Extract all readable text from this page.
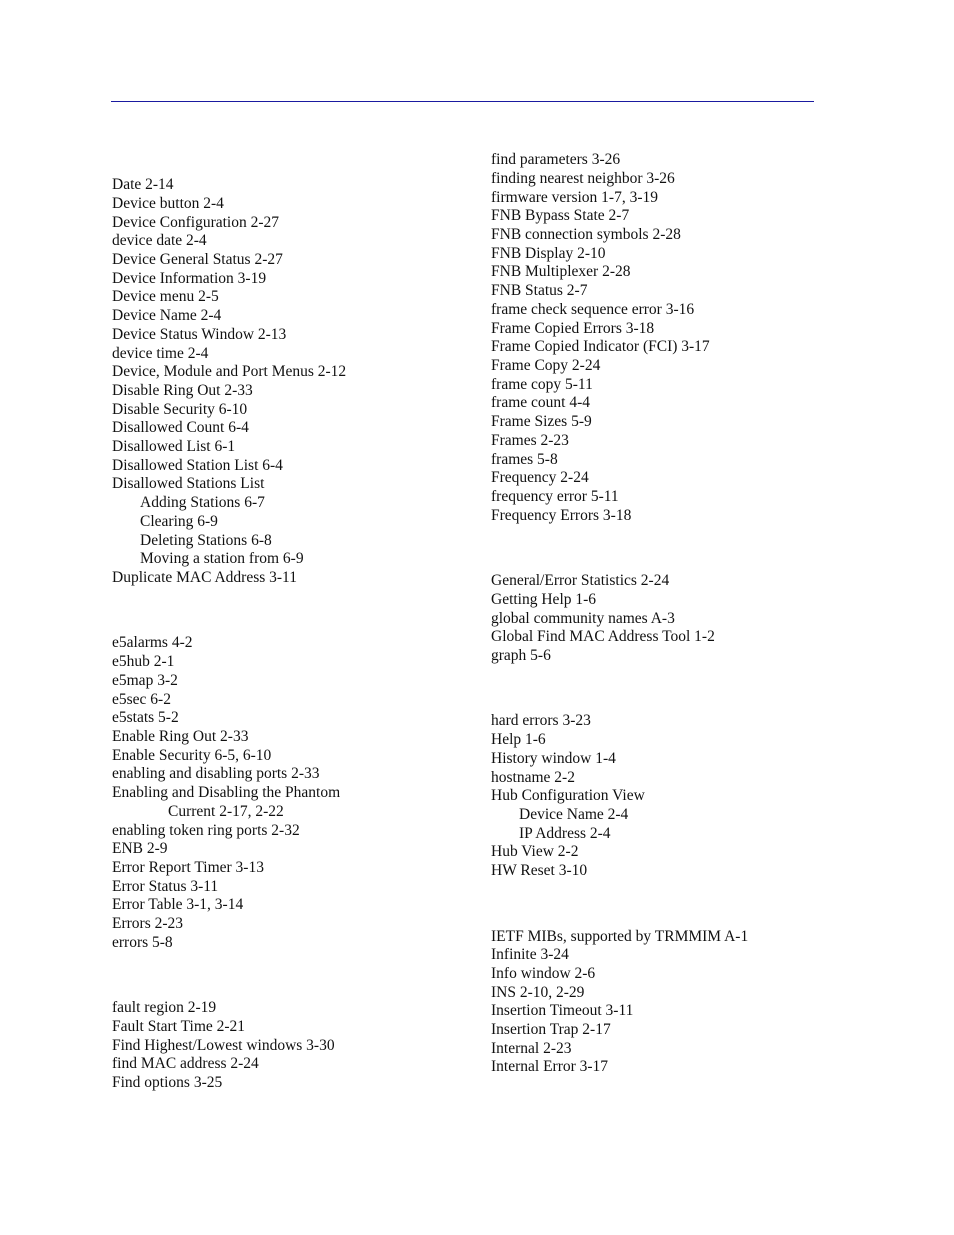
Date 2-14
Device button 2-4
Device Configuration 2-27
device date 2-4
Device General Status 2-27
Device Information 3-19
Device menu 2-5
Device Name 2-4
Device Status Window 2-13
device time 2-4
Device, Module and Port Menus 2-12
Disable Ring Out 2-33
Disable Security 6-10
Disallowed Count 6-4
Disallowed List 6-1
Disallowed Station List 6-4
Disallowed Stations List
Adding Stations 6-7
Clearing 6-9
Deleting Stations 6-8
Moving a station from 6-9
Duplicate MAC Address 3-11
e5alarms 4-2
e5hub 2-1
e5map 3-2
e5sec 6-2
e5stats 5-2
Enable Ring Out 2-33
Enable Security 6-5, 6-10
enabling and disabling ports 2-33
Enabling and Disabling the Phantom
Current 2-17, 2-22
enabling token ring ports 2-32
ENB 2-9
Error Report Timer 3-13
Error Status 3-11
Error Table 3-1, 3-14
Errors 2-23
errors 5-8
fault region 2-19
Fault Start Time 2-21
Find Highest/Lowest windows 3-30
find MAC address 2-24
Find options 3-25
find parameters 3-26
finding nearest neighbor 3-26
firmware version 1-7, 3-19
FNB Bypass State 2-7
FNB connection symbols 2-28
FNB Display 2-10
FNB Multiplexer 2-28
FNB Status 2-7
frame check sequence error 3-16
Frame Copied Errors 3-18
Frame Copied Indicator (FCI) 3-17
Frame Copy 2-24
frame copy 5-11
frame count 4-4
Frame Sizes 5-9
Frames 2-23
frames 5-8
Frequency 2-24
frequency error 5-11
Frequency Errors 3-18
General/Error Statistics 2-24
Getting Help 1-6
global community names A-3
Global Find MAC Address Tool 1-2
graph 5-6
hard errors 3-23
Help 1-6
History window 1-4
hostname 2-2
Hub Configuration View
Device Name 2-4
IP Address 2-4
Hub View 2-2
HW Reset 3-10
IETF MIBs, supported by TRMMIM A-1
Infinite 3-24
Info window 2-6
INS 2-10, 2-29
Insertion Timeout 3-11
Insertion Trap 2-17
Internal 2-23
Internal Error 3-17
